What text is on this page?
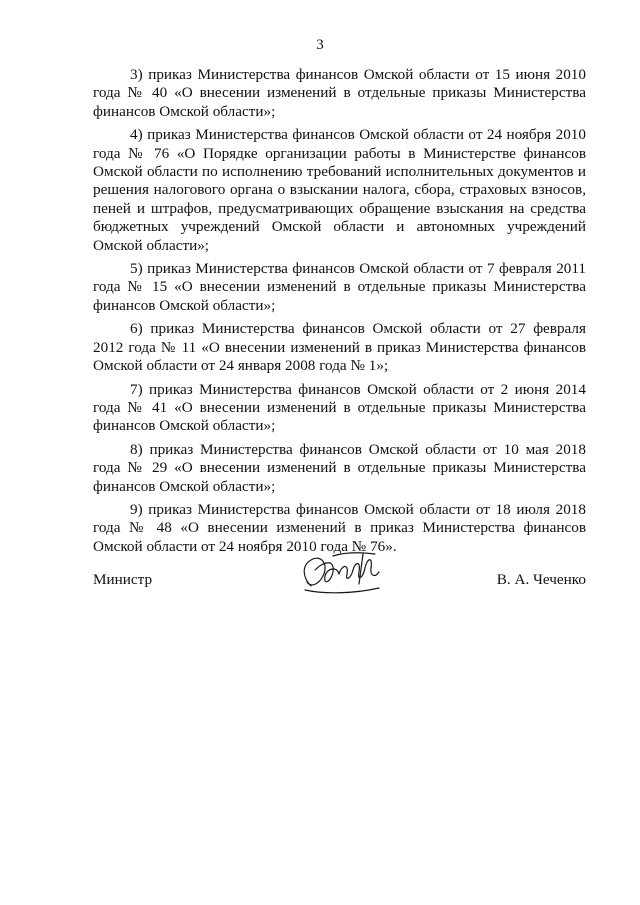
3

3) приказ Министерства финансов Омской области от 15 июня 2010 года № 40 «О внесении изменений в отдельные приказы Министерства финансов Омской области»;

4) приказ Министерства финансов Омской области от 24 ноября 2010 года № 76 «О Порядке организации работы в Министерстве финансов Омской области по исполнению требований исполнительных документов и решения налогового органа о взыскании налога, сбора, страховых взносов, пеней и штрафов, предусматривающих обращение взыскания на средства бюджетных учреждений Омской области и автономных учреждений Омской области»;

5) приказ Министерства финансов Омской области от 7 февраля 2011 года № 15 «О внесении изменений в отдельные приказы Министерства финансов Омской области»;

6) приказ Министерства финансов Омской области от 27 февраля 2012 года № 11 «О внесении изменений в приказ Министерства финансов Омской области от 24 января 2008 года № 1»;

7) приказ Министерства финансов Омской области от 2 июня 2014 года № 41 «О внесении изменений в отдельные приказы Министерства финансов Омской области»;

8) приказ Министерства финансов Омской области от 10 мая 2018 года № 29 «О внесении изменений в отдельные приказы Министерства финансов Омской области»;

9) приказ Министерства финансов Омской области от 18 июля 2018 года № 48 «О внесении изменений в приказ Министерства финансов Омской области от 24 ноября 2010 года № 76».

Министр	В. А. Чеченко
